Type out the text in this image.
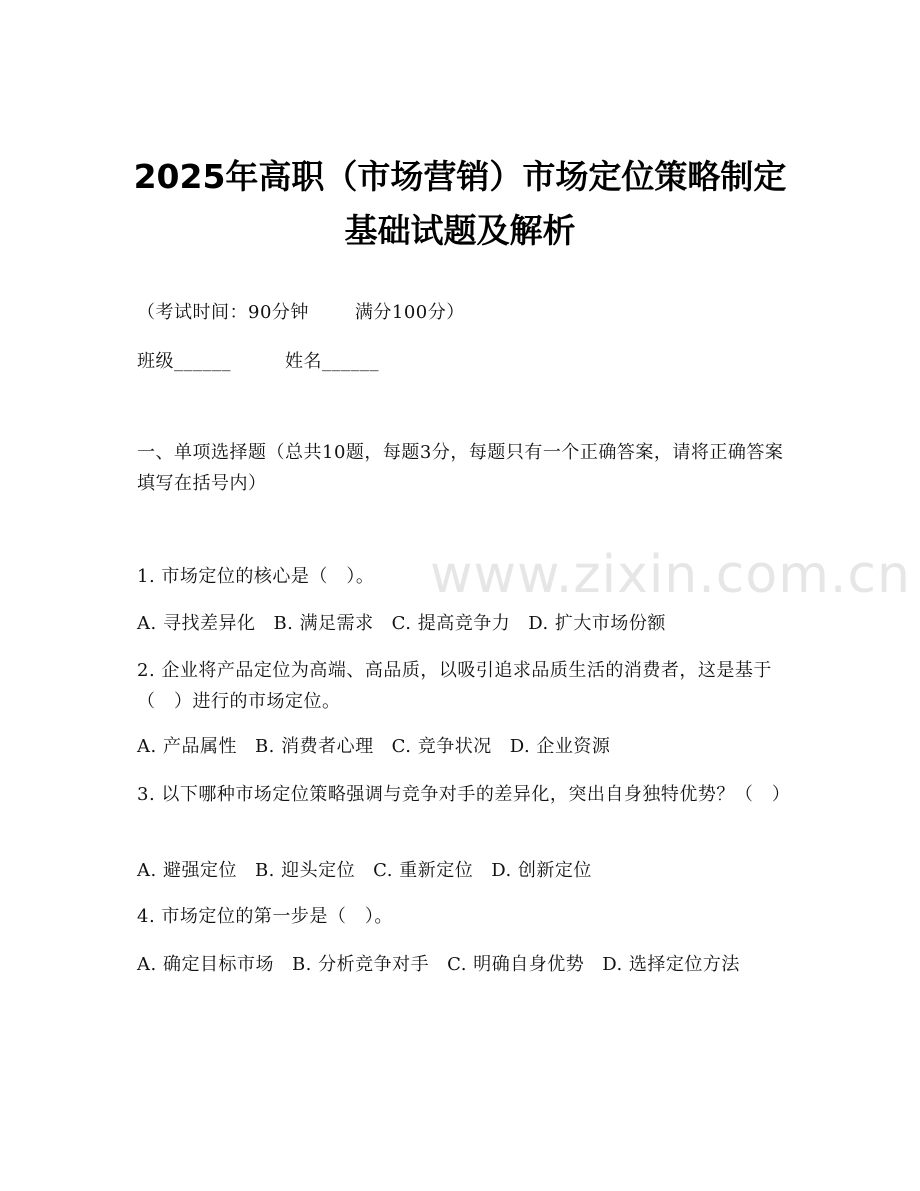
www.zixin.com.cn
2025年高职（市场营销）市场定位策略制定
基础试题及解析
（考试时间：90分钟	满分100分）
班级______	姓名______
一、单项选择题（总共10题，每题3分，每题只有一个正确答案，请将正确答案填写在括号内）
1. 市场定位的核心是（　）。
A. 寻找差异化 B. 满足需求 C. 提高竞争力 D. 扩大市场份额
2. 企业将产品定位为高端、高品质，以吸引追求品质生活的消费者，这是基于（　）进行的市场定位。
A. 产品属性 B. 消费者心理 C. 竞争状况 D. 企业资源
3. 以下哪种市场定位策略强调与竞争对手的差异化，突出自身独特优势？（　）
A. 避强定位 B. 迎头定位 C. 重新定位 D. 创新定位
4. 市场定位的第一步是（　）。
A. 确定目标市场 B. 分析竞争对手 C. 明确自身优势 D. 选择定位方法
